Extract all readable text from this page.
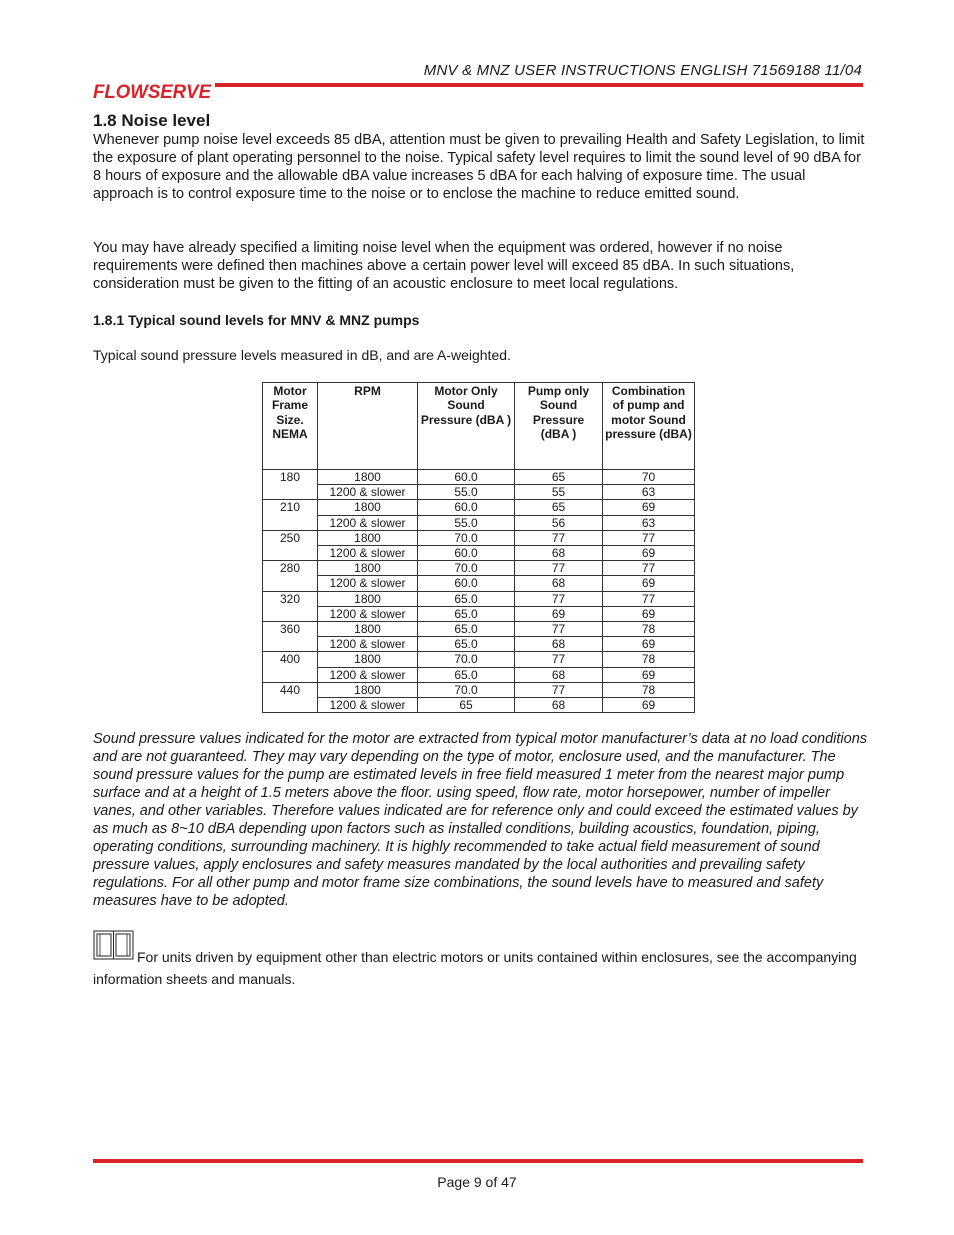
MNV & MNZ USER INSTRUCTIONS ENGLISH 71569188 11/04
FLOWSERVE
1.8 Noise level
Whenever pump noise level exceeds 85 dBA, attention must be given to prevailing Health and Safety Legislation, to limit the exposure of plant operating personnel to the noise. Typical safety level requires to limit the sound level of 90 dBA for 8 hours of exposure and the allowable dBA value increases 5 dBA for each halving of exposure time. The usual approach is to control exposure time to the noise or to enclose the machine to reduce emitted sound.
You may have already specified a limiting noise level when the equipment was ordered, however if no noise requirements were defined then machines above a certain power level will exceed 85 dBA. In such situations, consideration must be given to the fitting of an acoustic enclosure to meet local regulations.
1.8.1 Typical sound levels for MNV & MNZ pumps
Typical sound pressure levels measured in dB, and are A-weighted.
Motor Frame Size. NEMA	RPM	Motor Only Sound Pressure (dBA )	Pump only Sound Pressure (dBA )	Combination of pump and motor Sound pressure (dBA)
180	1800	60.0	65	70
	1200 & slower	55.0	55	63
210	1800	60.0	65	69
	1200 & slower	55.0	56	63
250	1800	70.0	77	77
	1200 & slower	60.0	68	69
280	1800	70.0	77	77
	1200 & slower	60.0	68	69
320	1800	65.0	77	77
	1200 & slower	65.0	69	69
360	1800	65.0	77	78
	1200 & slower	65.0	68	69
400	1800	70.0	77	78
	1200 & slower	65.0	68	69
440	1800	70.0	77	78
	1200 & slower	65	68	69
Sound pressure values indicated for the motor are extracted from typical motor manufacturer’s data at no load conditions and are not guaranteed. They may vary depending on the type of motor, enclosure used, and the manufacturer. The sound pressure values for the pump are estimated levels in free field measured 1 meter from the nearest major pump surface and at a height of 1.5 meters above the floor. using speed, flow rate, motor horsepower, number of impeller vanes, and other variables. Therefore values indicated are for reference only and could exceed the estimated values by as much as 8~10 dBA depending upon factors such as installed conditions, building acoustics, foundation, piping, operating conditions, surrounding machinery. It is highly recommended to take actual field measurement of sound pressure values, apply enclosures and safety measures mandated by the local authorities and prevailing safety regulations. For all other pump and motor frame size combinations, the sound levels have to measured and safety measures have to be adopted.
For units driven by equipment other than electric motors or units contained within enclosures, see the accompanying information sheets and manuals.
Page 9 of 47
